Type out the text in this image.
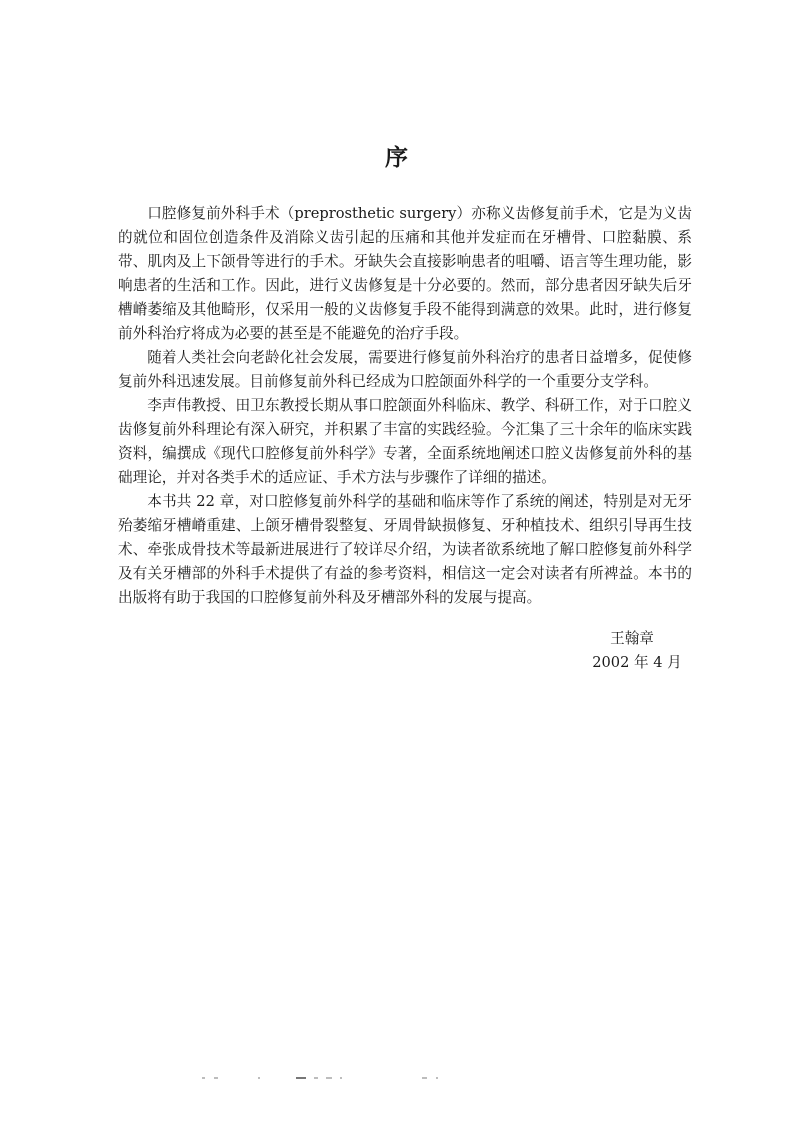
序

口腔修复前外科手术（preprosthetic surgery）亦称义齿修复前手术，它是为义齿的就位和固位创造条件及消除义齿引起的压痛和其他并发症而在牙槽骨、口腔黏膜、系带、肌肉及上下颌骨等进行的手术。牙缺失会直接影响患者的咀嚼、语言等生理功能，影响患者的生活和工作。因此，进行义齿修复是十分必要的。然而，部分患者因牙缺失后牙槽嵴萎缩及其他畸形，仅采用一般的义齿修复手段不能得到满意的效果。此时，进行修复前外科治疗将成为必要的甚至是不能避免的治疗手段。

随着人类社会向老龄化社会发展，需要进行修复前外科治疗的患者日益增多，促使修复前外科迅速发展。目前修复前外科已经成为口腔颌面外科学的一个重要分支学科。

李声伟教授、田卫东教授长期从事口腔颌面外科临床、教学、科研工作，对于口腔义齿修复前外科理论有深入研究，并积累了丰富的实践经验。今汇集了三十余年的临床实践资料，编撰成《现代口腔修复前外科学》专著，全面系统地阐述口腔义齿修复前外科的基础理论，并对各类手术的适应证、手术方法与步骤作了详细的描述。

本书共 22 章，对口腔修复前外科学的基础和临床等作了系统的阐述，特别是对无牙殆萎缩牙槽嵴重建、上颌牙槽骨裂整复、牙周骨缺损修复、牙种植技术、组织引导再生技术、牵张成骨技术等最新进展进行了较详尽介绍，为读者欲系统地了解口腔修复前外科学及有关牙槽部的外科手术提供了有益的参考资料，相信这一定会对读者有所裨益。本书的出版将有助于我国的口腔修复前外科及牙槽部外科的发展与提高。

王翰章
2002 年 4 月
